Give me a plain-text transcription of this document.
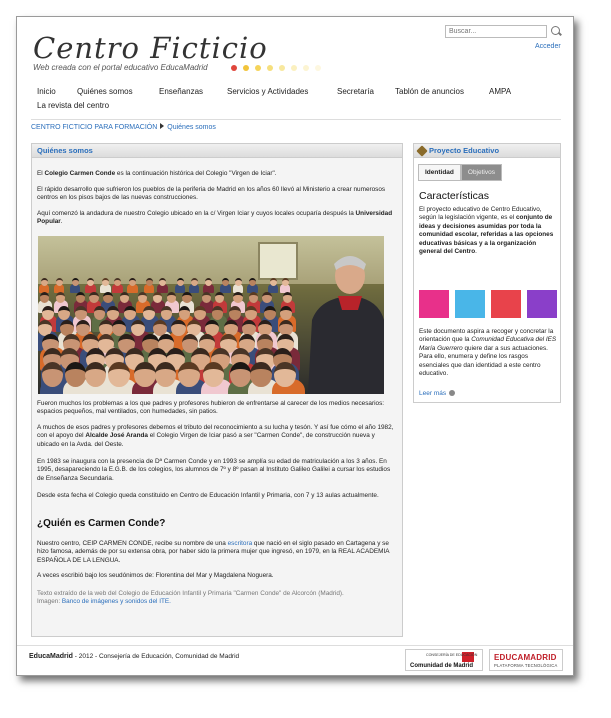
Centro Ficticio
Web creada con el portal educativo EducaMadrid
Buscar...
Acceder
Inicio	Quiénes somos	Enseñanzas	Servicios y Actividades	Secretaría	Tablón de anuncios	AMPA
La revista del centro
CENTRO FICTICIO PARA FORMACIÓN Quiénes somos
Quiénes somos
El Colegio Carmen Conde es la continuación histórica del Colegio "Virgen de Iciar".
El rápido desarrollo que sufrieron los pueblos de la periferia de Madrid en los años 60 llevó al Ministerio a crear numerosos centros en los pisos bajos de las nuevas construcciones.
Aquí comenzó la andadura de nuestro Colegio ubicado en la c/ Virgen Iciar y cuyos locales ocuparía después la Universidad Popular.
Fueron muchos los problemas a los que padres y profesores hubieron de enfrentarse al carecer de los medios necesarios: espacios pequeños, mal ventilados, con humedades, sin patios.
A muchos de esos padres y profesores debemos el tributo del reconocimiento a su lucha y tesón. Y así fue cómo el año 1982, con el apoyo del Alcalde José Aranda el Colegio Virgen de Iciar pasó a ser "Carmen Conde", de construcción nueva y ubicado en la Avda. del Oeste.
En 1983 se inaugura con la presencia de Dª Carmen Conde y en 1993 se amplía su edad de matriculación a los 3 años. En 1995, desapareciendo la E.G.B. de los colegios, los alumnos de 7º y 8º pasan al Instituto Galileo Galilei a cursar los estudios de Enseñanza Secundaria.
Desde esta fecha el Colegio queda constituido en Centro de Educación Infantil y Primaria, con 7 y 13 aulas actualmente.
¿Quién es Carmen Conde?
Nuestro centro, CEIP CARMEN CONDE, recibe su nombre de una escritora que nació en el siglo pasado en Cartagena y se hizo famosa, además de por su extensa obra, por haber sido la primera mujer que ingresó, en 1979, en la REAL ACADEMIA ESPAÑOLA DE LA LENGUA.
A veces escribió bajo los seudónimos de: Florentina del Mar y Magdalena Noguera.
Texto extraído de la web del Colegio de Educación Infantil y Primaria "Carmen Conde" de Alcorcón (Madrid).
Imagen: Banco de imágenes y sonidos del ITE.
Proyecto Educativo
Identidad	Objetivos
Características
El proyecto educativo de Centro Educativo, según la legislación vigente, es el conjunto de ideas y decisiones asumidas por toda la comunidad escolar, referidas a las opciones educativas básicas y a la organización general del Centro.
Este documento aspira a recoger y concretar la orientación que la Comunidad Educativa del IES María Guerrero quiere dar a sus actuaciones. Para ello, enumera y define los rasgos esenciales que dan identidad a este centro educativo.
Leer más
EducaMadrid - 2012 - Consejería de Educación, Comunidad de Madrid	CONSEJERÍA DE EDUCACIÓN
Comunidad de Madrid
EDUCAMADRID
PLATAFORMA TECNOLÓGICA
